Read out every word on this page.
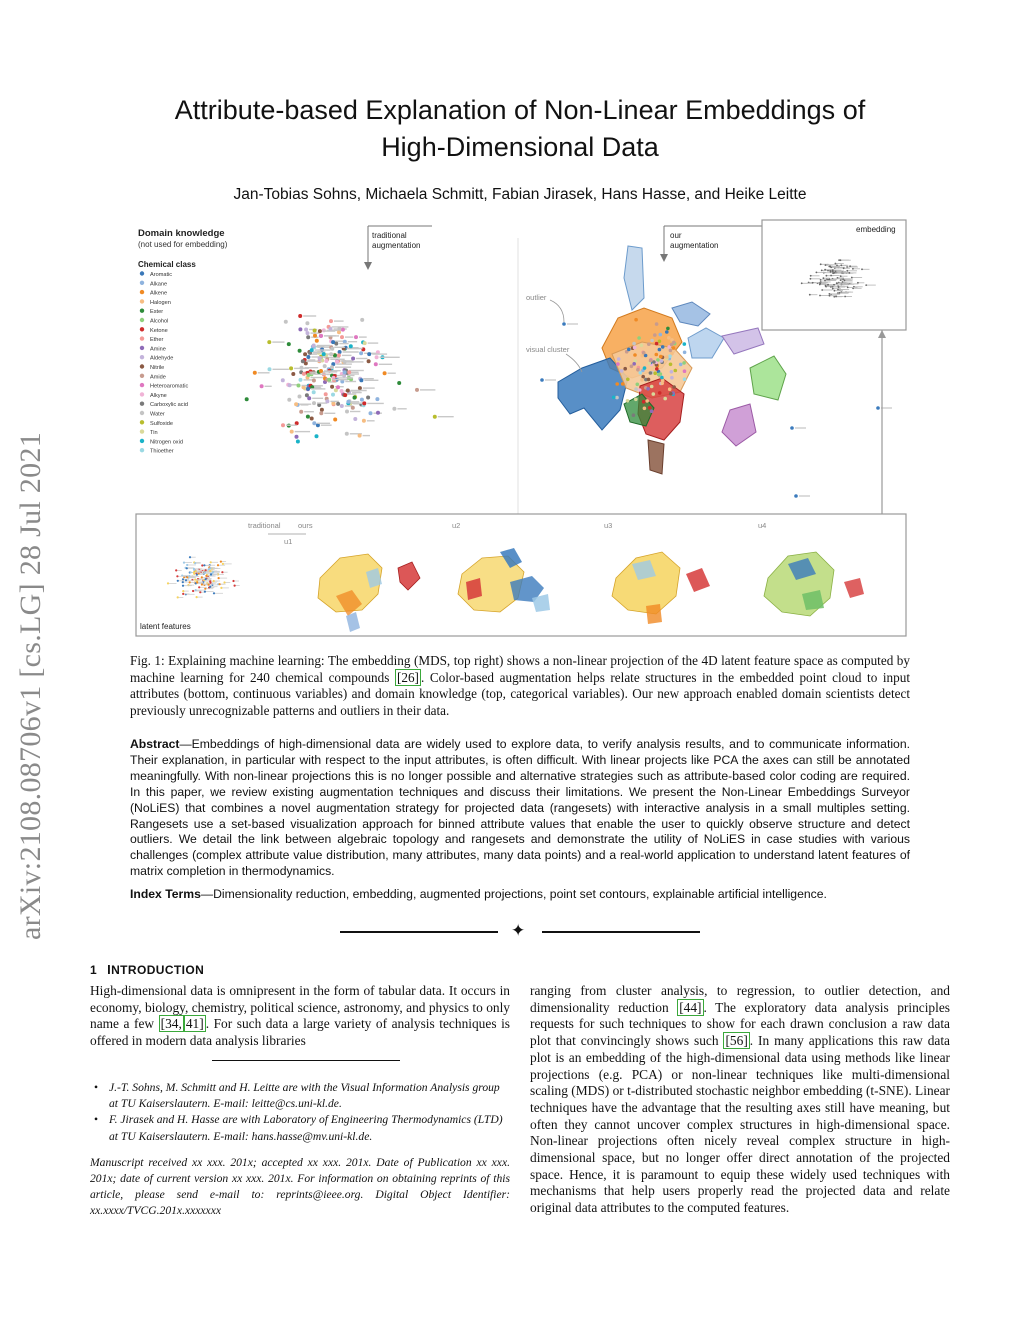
arXiv:2108.08706v1 [cs.LG] 28 Jul 2021
Attribute-based Explanation of Non-Linear Embeddings of
High-Dimensional Data
Jan-Tobias Sohns, Michaela Schmitt, Fabian Jirasek, Hans Hasse, and Heike Leitte
Domain knowledge
(not used for embedding)
Chemical class
Aromatic
Alkane
Alkene
Halogen
Ester
Alcohol
Ketone
Ether
Amine
Aldehyde
Nitrile
Amide
Heteroaromatic
Alkyne
Carboxylic acid
Water
Sulfoxide
Tin
Nitrogen oxid
Thioether
traditional
augmentation
outlier
visual cluster
our
augmentation
embedding
traditional ours
u1
u2	u3	u4
latent features
Fig. 1: Explaining machine learning: The embedding (MDS, top right) shows a non-linear projection of the 4D latent feature space as computed by machine learning for 240 chemical compounds [26] . Color-based augmentation helps relate structures in the embedded point cloud to input attributes (bottom, continuous variables) and domain knowledge (top, categorical variables). Our new approach enabled domain scientists detect previously unrecognizable patterns and outliers in their data.
Abstract—Embeddings of high-dimensional data are widely used to explore data, to verify analysis results, and to communicate information. Their explanation, in particular with respect to the input attributes, is often difficult. With linear projects like PCA the axes can still be annotated meaningfully. With non-linear projections this is no longer possible and alternative strategies such as attribute-based color coding are required. In this paper, we review existing augmentation techniques and discuss their limitations. We present the Non-Linear Embeddings Surveyor (NoLiES) that combines a novel augmentation strategy for projected data (rangesets) with interactive analysis in a small multiples setting. Rangesets use a set-based visualization approach for binned attribute values that enable the user to quickly observe structure and detect outliers. We detail the link between algebraic topology and rangesets and demonstrate the utility of NoLiES in case studies with various challenges (complex attribute value distribution, many attributes, many data points) and a real-world application to understand latent features of matrix completion in thermodynamics.
Index Terms—Dimensionality reduction, embedding, augmented projections, point set contours, explainable artificial intelligence.
✦
1 INTRODUCTION
High-dimensional data is omnipresent in the form of tabular data. It occurs in economy, biology, chemistry, political science, astronomy, and physics to only name a few [34, 41] . For such data a large variety of analysis techniques is offered in modern data analysis libraries
• J.-T. Sohns, M. Schmitt and H. Leitte are with the Visual Information Analysis group at TU Kaiserslautern. E-mail: leitte@cs.uni-kl.de.
• F. Jirasek and H. Hasse are with Laboratory of Engineering Thermodynamics (LTD) at TU Kaiserslautern. E-mail: hans.hasse@mv.uni-kl.de.
Manuscript received xx xxx. 201x; accepted xx xxx. 201x. Date of Publication xx xxx. 201x; date of current version xx xxx. 201x. For information on obtaining reprints of this article, please send e-mail to: reprints@ieee.org. Digital Object Identifier: xx.xxxx/TVCG.201x.xxxxxxx
ranging from cluster analysis, to regression, to outlier detection, and dimensionality reduction [44] . The exploratory data analysis principles requests for such techniques to show for each drawn conclusion a raw data plot that convincingly shows such [56] . In many applications this raw data plot is an embedding of the high-dimensional data using methods like linear projections (e.g. PCA) or non-linear techniques like multi-dimensional scaling (MDS) or t-distributed stochastic neighbor embedding (t-SNE). Linear techniques have the advantage that the resulting axes still have meaning, but often they cannot uncover complex structures in high-dimensional space. Non-linear projections often nicely reveal complex structure in high-dimensional space, but no longer offer direct annotation of the projected space. Hence, it is paramount to equip these widely used techniques with mechanisms that help users properly read the projected data and relate original data attributes to the computed features.
